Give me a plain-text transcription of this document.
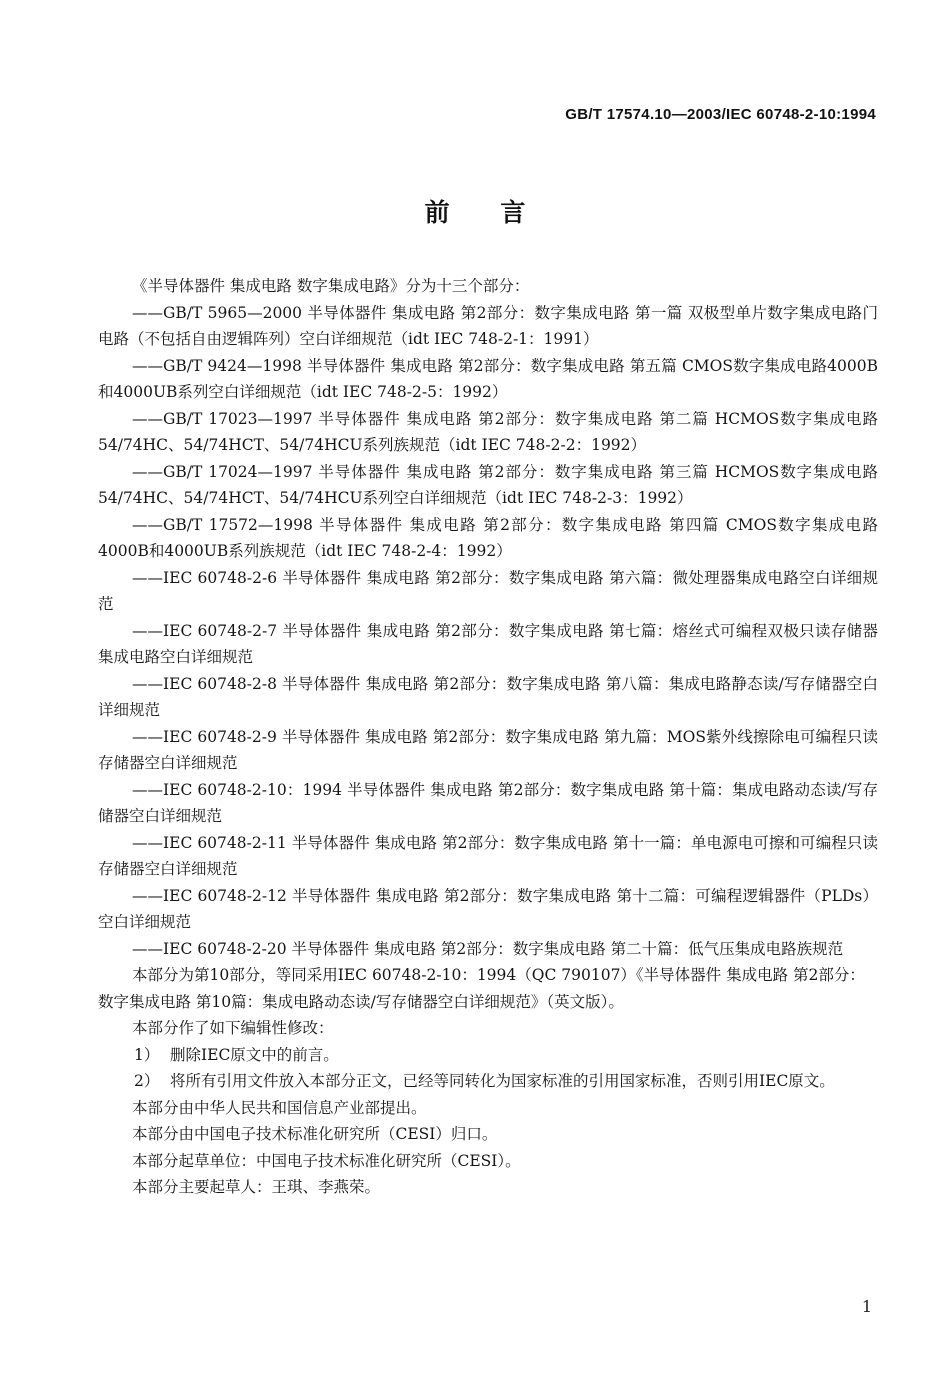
GB/T 17574.10—2003/IEC 60748-2-10:1994
前 言

《半导体器件 集成电路 数字集成电路》分为十三个部分：

——GB/T 5965—2000 半导体器件 集成电路 第2部分：数字集成电路 第一篇 双极型单片数字集成电路门电路（不包括自由逻辑阵列）空白详细规范（idt IEC 748-2-1：1991）

——GB/T 9424—1998 半导体器件 集成电路 第2部分：数字集成电路 第五篇 CMOS数字集成电路4000B和4000UB系列空白详细规范（idt IEC 748-2-5：1992）

——GB/T 17023—1997 半导体器件 集成电路 第2部分：数字集成电路 第二篇 HCMOS数字集成电路54/74HC、54/74HCT、54/74HCU系列族规范（idt IEC 748-2-2：1992）

——GB/T 17024—1997 半导体器件 集成电路 第2部分：数字集成电路 第三篇 HCMOS数字集成电路54/74HC、54/74HCT、54/74HCU系列空白详细规范（idt IEC 748-2-3：1992）

——GB/T 17572—1998 半导体器件 集成电路 第2部分：数字集成电路 第四篇 CMOS数字集成电路 4000B和4000UB系列族规范（idt IEC 748-2-4：1992）

——IEC 60748-2-6 半导体器件 集成电路 第2部分：数字集成电路 第六篇：微处理器集成电路空白详细规范

——IEC 60748-2-7 半导体器件 集成电路 第2部分：数字集成电路 第七篇：熔丝式可编程双极只读存储器集成电路空白详细规范

——IEC 60748-2-8 半导体器件 集成电路 第2部分：数字集成电路 第八篇：集成电路静态读/写存储器空白详细规范

——IEC 60748-2-9 半导体器件 集成电路 第2部分：数字集成电路 第九篇：MOS紫外线擦除电可编程只读存储器空白详细规范

——IEC 60748-2-10：1994 半导体器件 集成电路 第2部分：数字集成电路 第十篇：集成电路动态读/写存储器空白详细规范

——IEC 60748-2-11 半导体器件 集成电路 第2部分：数字集成电路 第十一篇：单电源电可擦和可编程只读存储器空白详细规范

——IEC 60748-2-12 半导体器件 集成电路 第2部分：数字集成电路 第十二篇：可编程逻辑器件（PLDs）空白详细规范

——IEC 60748-2-20 半导体器件 集成电路 第2部分：数字集成电路 第二十篇：低气压集成电路族规范

本部分为第10部分，等同采用IEC 60748-2-10：1994（QC 790107）《半导体器件 集成电路 第2部分：数字集成电路 第10篇：集成电路动态读/写存储器空白详细规范》（英文版）。

本部分作了如下编辑性修改：

1） 删除IEC原文中的前言。
2） 将所有引用文件放入本部分正文，已经等同转化为国家标准的引用国家标准，否则引用IEC原文。

本部分由中华人民共和国信息产业部提出。

本部分由中国电子技术标准化研究所（CESI）归口。

本部分起草单位：中国电子技术标准化研究所（CESI）。

本部分主要起草人：王琪、李燕荣。

1
